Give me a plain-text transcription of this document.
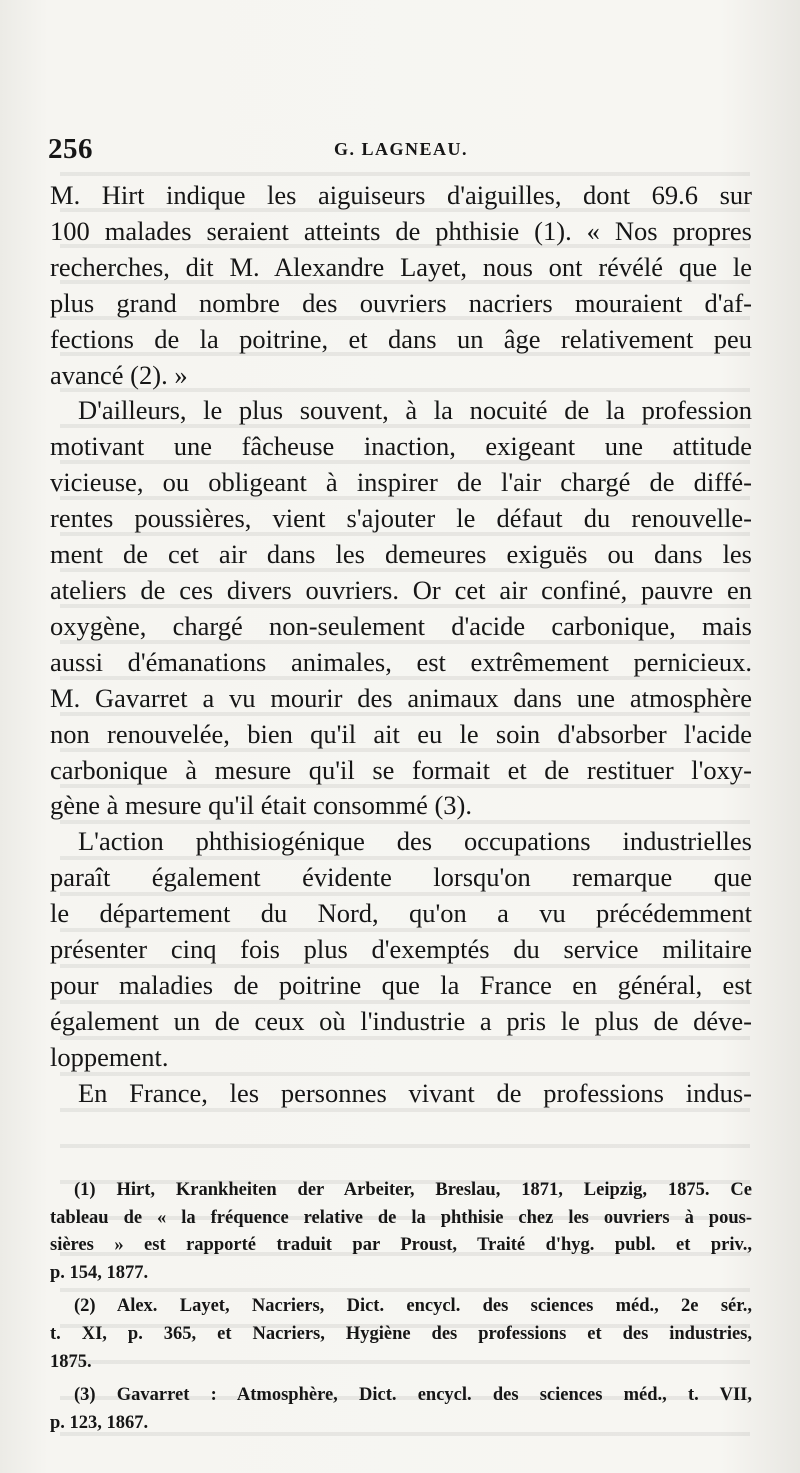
256	G. LAGNEAU.

M. Hirt indique les aiguiseurs d'aiguilles, dont 69.6 sur
100 malades seraient atteints de phthisie (1). « Nos propres
recherches, dit M. Alexandre Layet, nous ont révélé que le
plus grand nombre des ouvriers nacriers mouraient d'af-
fections de la poitrine, et dans un âge relativement peu
avancé (2). »

D'ailleurs, le plus souvent, à la nocuité de la profession
motivant une fâcheuse inaction, exigeant une attitude
vicieuse, ou obligeant à inspirer de l'air chargé de diffé-
rentes poussières, vient s'ajouter le défaut du renouvelle-
ment de cet air dans les demeures exiguës ou dans les
ateliers de ces divers ouvriers. Or cet air confiné, pauvre en
oxygène, chargé non-seulement d'acide carbonique, mais
aussi d'émanations animales, est extrêmement pernicieux.
M. Gavarret a vu mourir des animaux dans une atmosphère
non renouvelée, bien qu'il ait eu le soin d'absorber l'acide
carbonique à mesure qu'il se formait et de restituer l'oxy-
gène à mesure qu'il était consommé (3).

L'action phthisiogénique des occupations industrielles
paraît également évidente lorsqu'on remarque que
le département du Nord, qu'on a vu précédemment
présenter cinq fois plus d'exemptés du service militaire
pour maladies de poitrine que la France en général, est
également un de ceux où l'industrie a pris le plus de déve-
loppement.

En France, les personnes vivant de professions indus-

(1) Hirt, Krankheiten der Arbeiter, Breslau, 1871, Leipzig, 1875. Ce
tableau de « la fréquence relative de la phthisie chez les ouvriers à pous-
sières » est rapporté traduit par Proust, Traité d'hyg. publ. et priv.,
p. 154, 1877.
(2) Alex. Layet, Nacriers, Dict. encycl. des sciences méd., 2e sér.,
t. XI, p. 365, et Nacriers, Hygiène des professions et des industries,
1875.
(3) Gavarret : Atmosphère, Dict. encycl. des sciences méd., t. VII,
p. 123, 1867.
